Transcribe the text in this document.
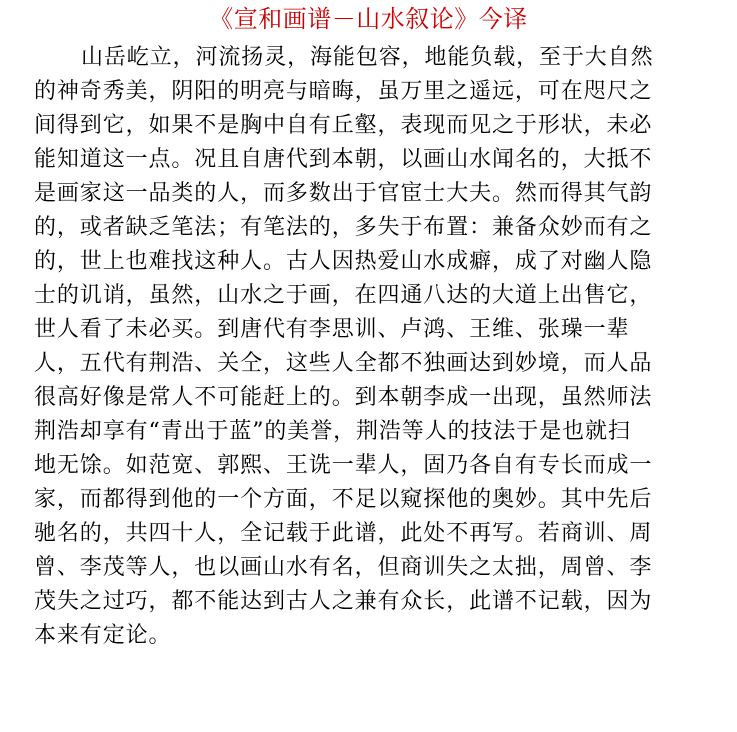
《宣和画谱－山水叙论》今译
山岳屹立，河流扬灵，海能包容，地能负载，至于大自然
的神奇秀美，阴阳的明亮与暗晦，虽万里之遥远，可在咫尺之
间得到它，如果不是胸中自有丘壑，表现而见之于形状，未必
能知道这一点。况且自唐代到本朝，以画山水闻名的，大抵不
是画家这一品类的人，而多数出于官宦士大夫。然而得其气韵
的，或者缺乏笔法；有笔法的，多失于布置：兼备众妙而有之
的，世上也难找这种人。古人因热爱山水成癖，成了对幽人隐
士的讥诮，虽然，山水之于画，在四通八达的大道上出售它，
世人看了未必买。到唐代有李思训、卢鸿、王维、张璪一辈
人，五代有荆浩、关仝，这些人全都不独画达到妙境，而人品
很高好像是常人不可能赶上的。到本朝李成一出现，虽然师法
荆浩却享有“青出于蓝”的美誉，荆浩等人的技法于是也就扫
地无馀。如范宽、郭熙、王诜一辈人，固乃各自有专长而成一
家，而都得到他的一个方面，不足以窥探他的奥妙。其中先后
驰名的，共四十人，全记载于此谱，此处不再写。若商训、周
曾、李茂等人，也以画山水有名，但商训失之太拙，周曾、李
茂失之过巧，都不能达到古人之兼有众长，此谱不记载，因为
本来有定论。
